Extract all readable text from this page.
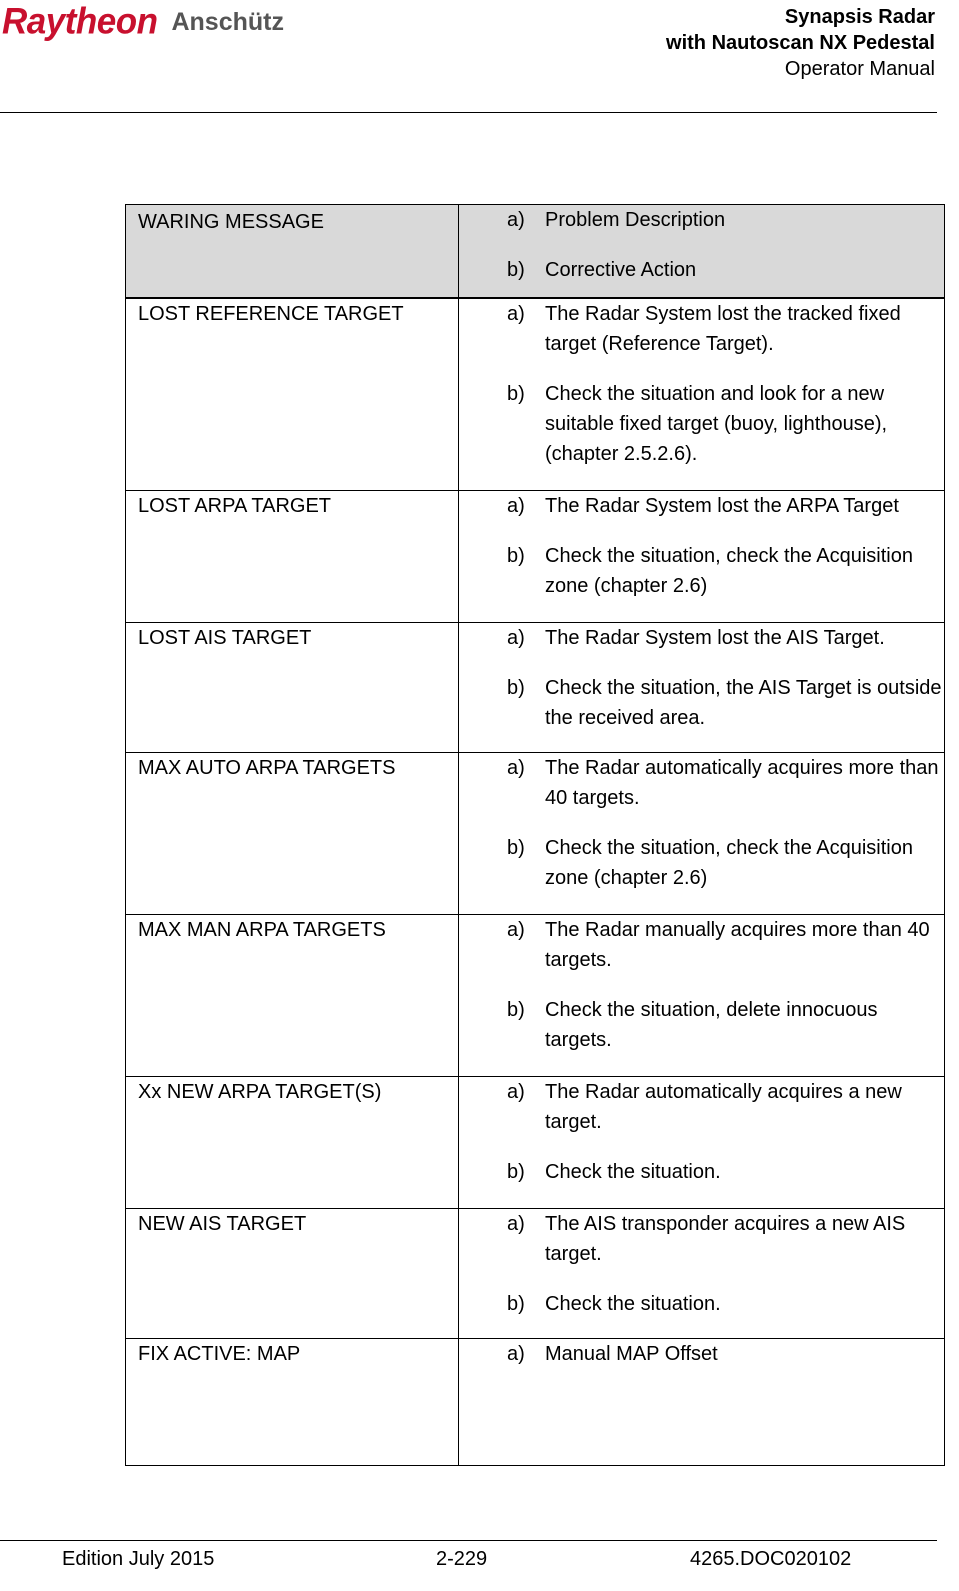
Raytheon Anschütz	Synapsis Radar
with Nautoscan NX Pedestal
Operator Manual
WARING MESSAGE	a) Problem Description
b) Corrective Action

LOST REFERENCE TARGET	a) The Radar System lost the tracked fixed target (Reference Target).
b) Check the situation and look for a new suitable fixed target (buoy, lighthouse), (chapter 2.5.2.6).

LOST ARPA TARGET	a) The Radar System lost the ARPA Target
b) Check the situation, check the Acquisition zone (chapter 2.6)

LOST AIS TARGET	a) The Radar System lost the AIS Target.
b) Check the situation, the AIS Target is outside the received area.

MAX AUTO ARPA TARGETS	a) The Radar automatically acquires more than 40 targets.
b) Check the situation, check the Acquisition zone (chapter 2.6)

MAX MAN ARPA TARGETS	a) The Radar manually acquires more than 40 targets.
b) Check the situation, delete innocuous targets.

Xx NEW ARPA TARGET(S)	a) The Radar automatically acquires a new target.
b) Check the situation.

NEW AIS TARGET	a) The AIS transponder acquires a new AIS target.
b) Check the situation.

FIX ACTIVE: MAP	a) Manual MAP Offset
Edition July 2015	2-229	4265.DOC020102
